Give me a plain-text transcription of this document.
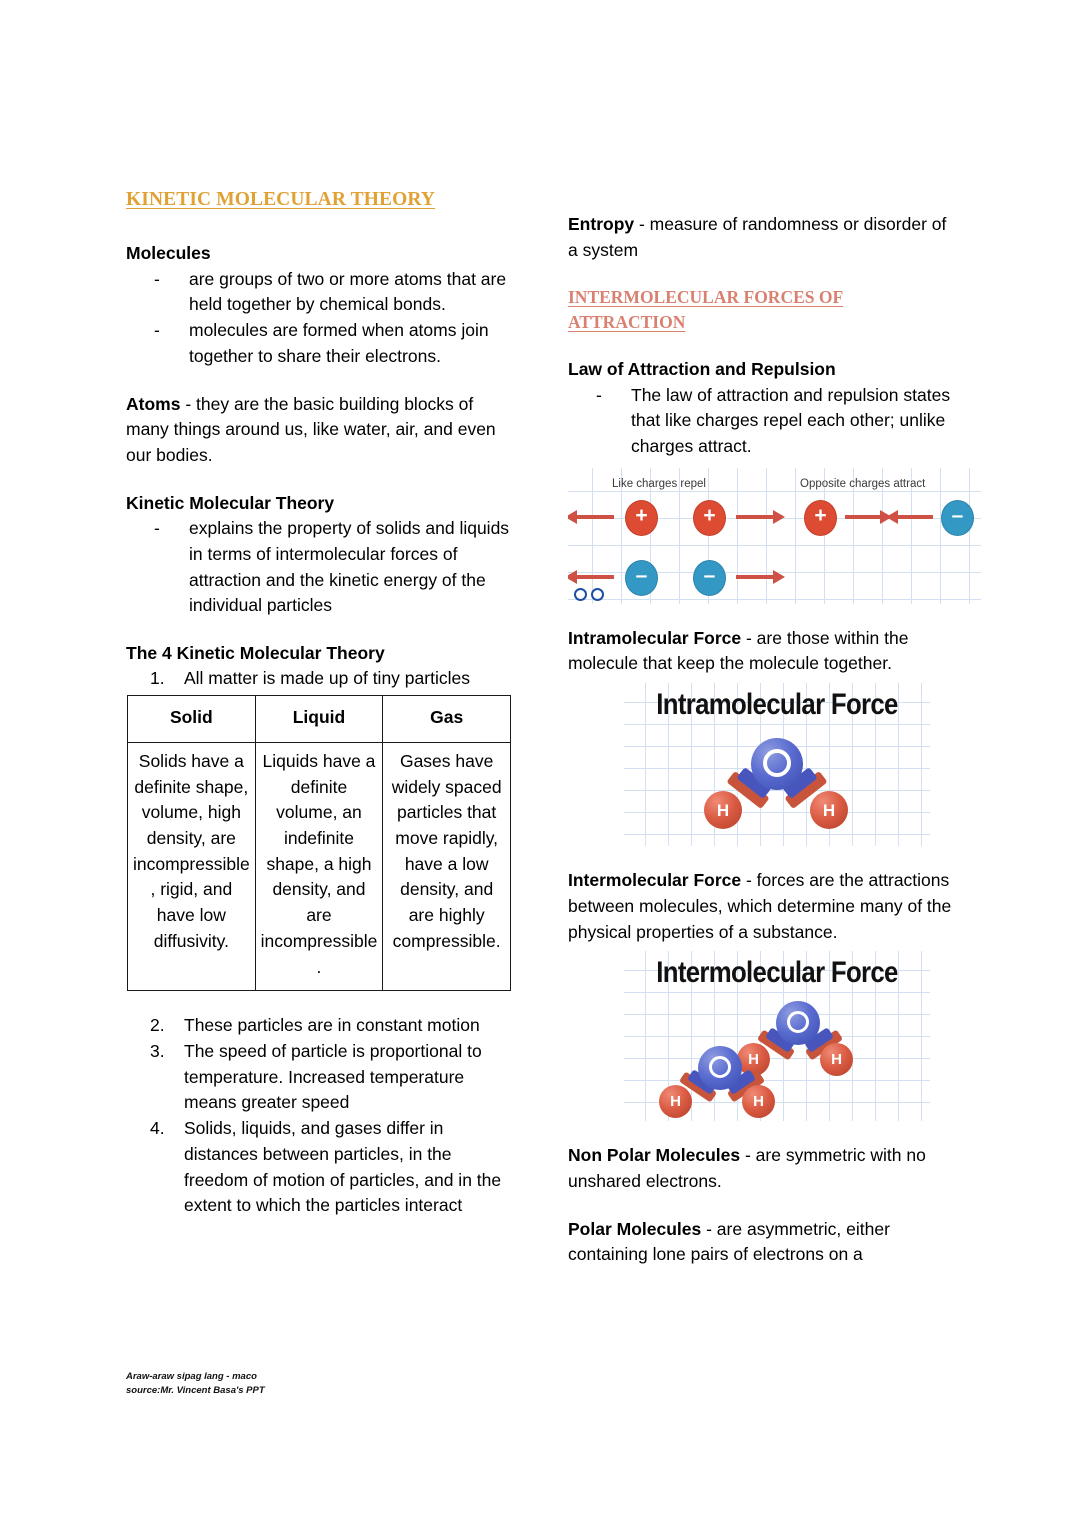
KINETIC MOLECULAR THEORY
Molecules
- are groups of two or more atoms that are held together by chemical bonds.
- molecules are formed when atoms join together to share their electrons.

Atoms - they are the basic building blocks of many things around us, like water, air, and even our bodies.

Kinetic Molecular Theory
- explains the property of solids and liquids in terms of intermolecular forces of attraction and the kinetic energy of the individual particles
The 4 Kinetic Molecular Theory
1.	All matter is made up of tiny particles
Solid	Liquid	Gas
Solids have a definite shape, volume, high density, are incompressible, rigid, and have low diffusivity.	Liquids have a definite volume, an indefinite shape, a high density, and are incompressible.	Gases have widely spaced particles that move rapidly, have a low density, and are highly compressible.
2.	These particles are in constant motion
3.	The speed of particle is proportional to temperature. Increased temperature means greater speed
4.	Solids, liquids, and gases differ in distances between particles, in the freedom of motion of particles, and in the extent to which the particles interact

Entropy - measure of randomness or disorder of a system

INTERMOLECULAR FORCES OF ATTRACTION
Law of Attraction and Repulsion
- The law of attraction and repulsion states that like charges repel each other; unlike charges attract.
Like charges repel	Opposite charges attract
+	+
–	–
+	–

Intramolecular Force - are those within the molecule that keep the molecule together.

Intramolecular Force
H	H

Intermolecular Force - forces are the attractions between molecules, which determine many of the physical properties of a substance.

Intermolecular Force
H	H
H	H

Non Polar Molecules - are symmetric with no unshared electrons.

Polar Molecules - are asymmetric, either containing lone pairs of electrons on a

Araw-araw sipag lang - maco
source:Mr. Vincent Basa's PPT
